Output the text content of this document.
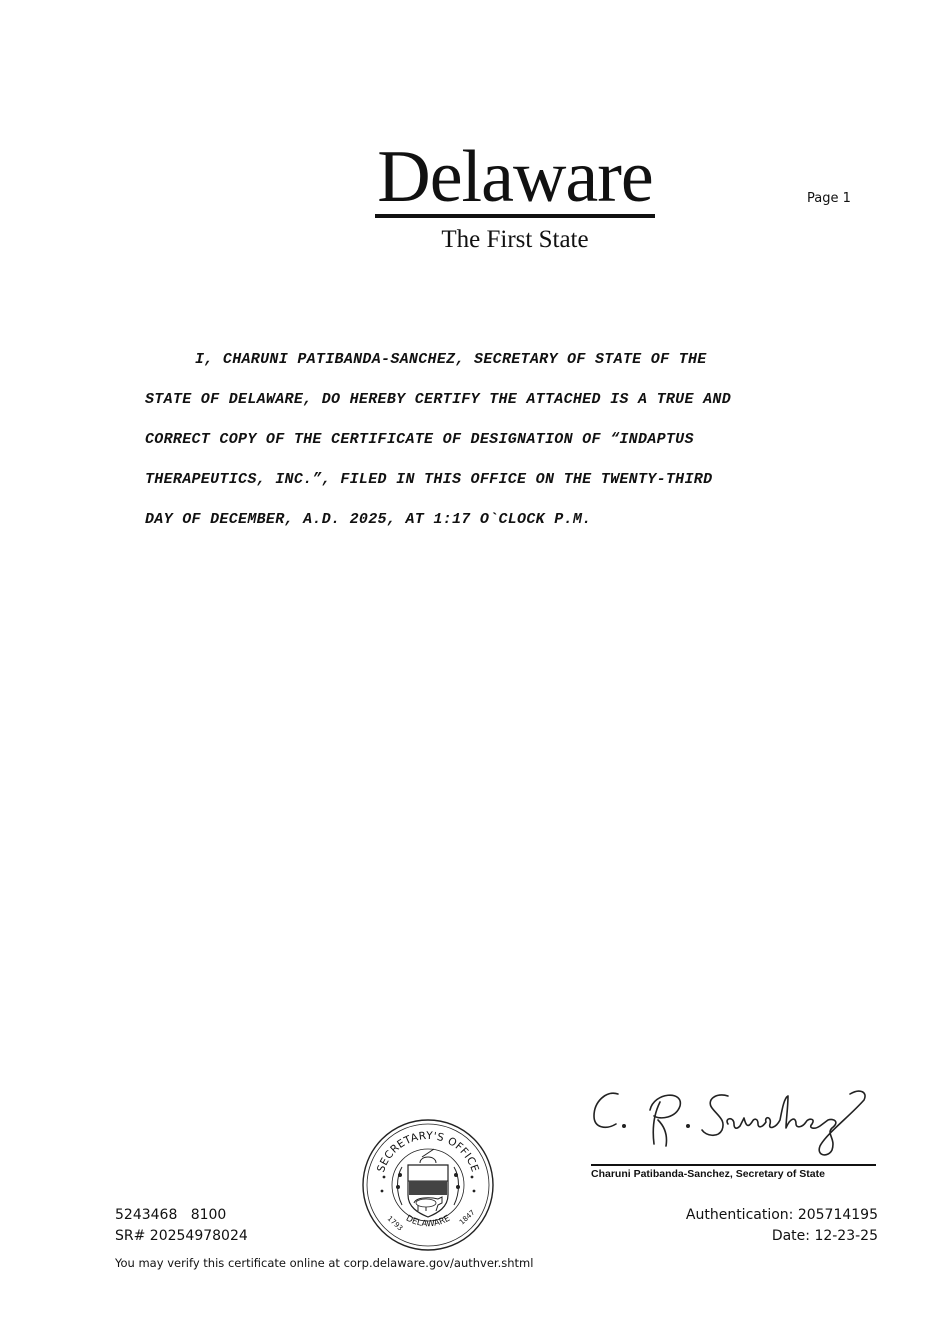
Delaware
The First State
Page 1
I, CHARUNI PATIBANDA-SANCHEZ, SECRETARY OF STATE OF THE
STATE OF DELAWARE, DO HEREBY CERTIFY THE ATTACHED IS A TRUE AND
CORRECT COPY OF THE CERTIFICATE OF DESIGNATION OF “INDAPTUS
THERAPEUTICS, INC.”, FILED IN THIS OFFICE ON THE TWENTY-THIRD
DAY OF DECEMBER, A.D. 2025, AT 1:17 O`CLOCK P.M.
Charuni Patibanda-Sanchez, Secretary of State
SECRETARY'S OFFICE
DELAWARE
1793	1847
5243468   8100
SR# 20254978024
Authentication: 205714195
Date: 12-23-25
You may verify this certificate online at corp.delaware.gov/authver.shtml
